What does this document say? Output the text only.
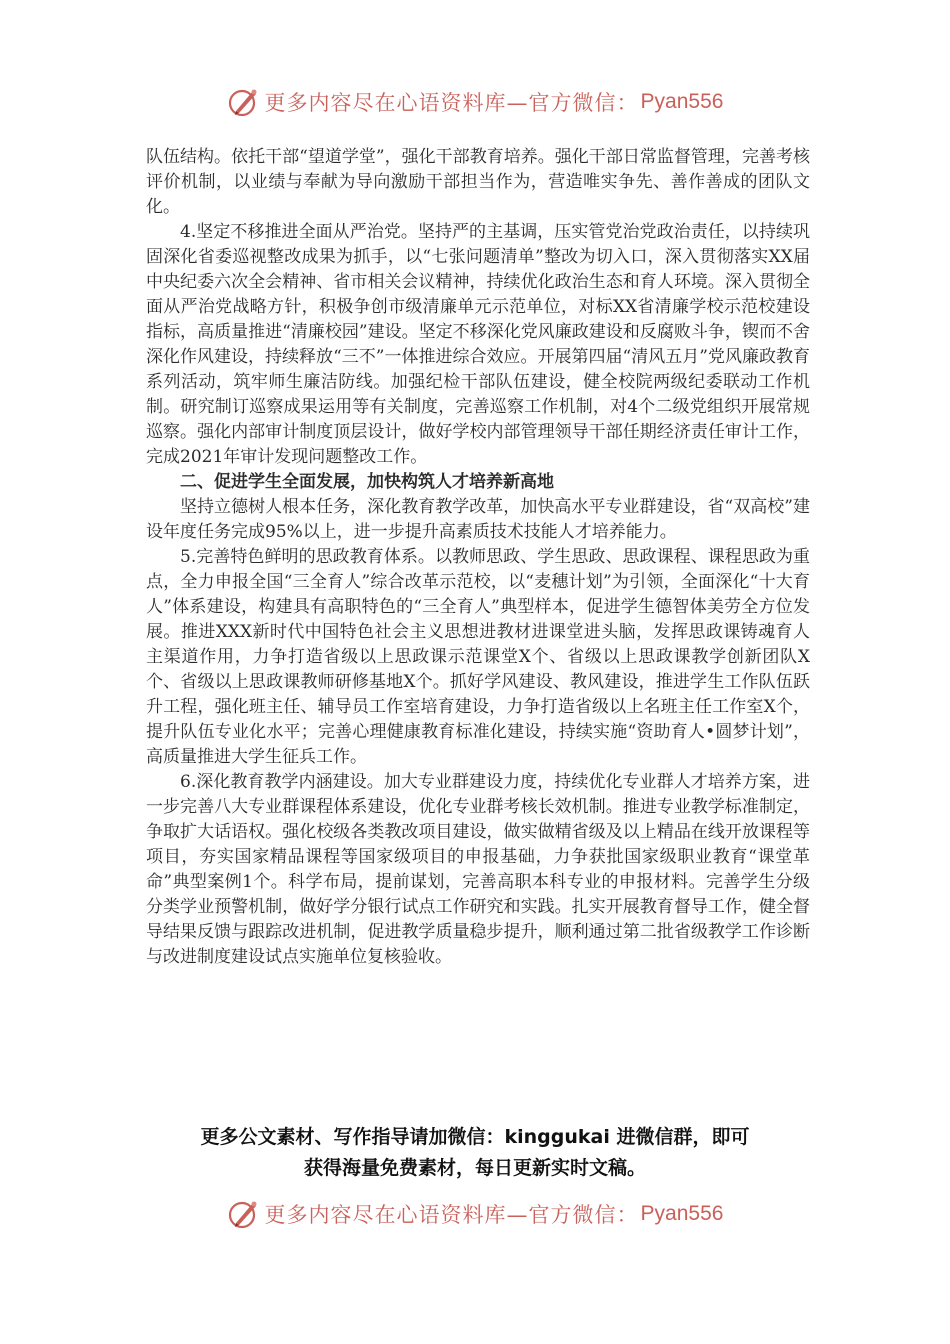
更多内容尽在心语资料库—官方微信： Pyan556

队伍结构。依托干部“望道学堂”，强化干部教育培养。强化干部日常监督管理，完善考核评价机制，以业绩与奉献为导向激励干部担当作为，营造唯实争先、善作善成的团队文化。

4.坚定不移推进全面从严治党。坚持严的主基调，压实管党治党政治责任，以持续巩固深化省委巡视整改成果为抓手，以“七张问题清单”整改为切入口，深入贯彻落实XX届中央纪委六次全会精神、省市相关会议精神，持续优化政治生态和育人环境。深入贯彻全面从严治党战略方针，积极争创市级清廉单元示范单位，对标XX省清廉学校示范校建设指标，高质量推进“清廉校园”建设。坚定不移深化党风廉政建设和反腐败斗争，锲而不舍深化作风建设，持续释放“三不”一体推进综合效应。开展第四届“清风五月”党风廉政教育系列活动，筑牢师生廉洁防线。加强纪检干部队伍建设，健全校院两级纪委联动工作机制。研究制订巡察成果运用等有关制度，完善巡察工作机制，对4个二级党组织开展常规巡察。强化内部审计制度顶层设计，做好学校内部管理领导干部任期经济责任审计工作，完成2021年审计发现问题整改工作。

二、促进学生全面发展，加快构筑人才培养新高地

坚持立德树人根本任务，深化教育教学改革，加快高水平专业群建设，省“双高校”建设年度任务完成95%以上，进一步提升高素质技术技能人才培养能力。

5.完善特色鲜明的思政教育体系。以教师思政、学生思政、思政课程、课程思政为重点，全力申报全国“三全育人”综合改革示范校，以“麦穗计划”为引领，全面深化“十大育人”体系建设，构建具有高职特色的“三全育人”典型样本，促进学生德智体美劳全方位发展。推进XXX新时代中国特色社会主义思想进教材进课堂进头脑，发挥思政课铸魂育人主渠道作用，力争打造省级以上思政课示范课堂X个、省级以上思政课教学创新团队X个、省级以上思政课教师研修基地X个。抓好学风建设、教风建设，推进学生工作队伍跃升工程，强化班主任、辅导员工作室培育建设，力争打造省级以上名班主任工作室X个，提升队伍专业化水平；完善心理健康教育标准化建设，持续实施“资助育人•圆梦计划”，高质量推进大学生征兵工作。

6.深化教育教学内涵建设。加大专业群建设力度，持续优化专业群人才培养方案，进一步完善八大专业群课程体系建设，优化专业群考核长效机制。推进专业教学标准制定，争取扩大话语权。强化校级各类教改项目建设，做实做精省级及以上精品在线开放课程等项目，夯实国家精品课程等国家级项目的申报基础，力争获批国家级职业教育“课堂革命”典型案例1个。科学布局，提前谋划，完善高职本科专业的申报材料。完善学生分级分类学业预警机制，做好学分银行试点工作研究和实践。扎实开展教育督导工作，健全督导结果反馈与跟踪改进机制，促进教学质量稳步提升，顺利通过第二批省级教学工作诊断与改进制度建设试点实施单位复核验收。

更多公文素材、写作指导请加微信：kinggukai 进微信群，即可
获得海量免费素材，每日更新实时文稿。
更多内容尽在心语资料库—官方微信： Pyan556
